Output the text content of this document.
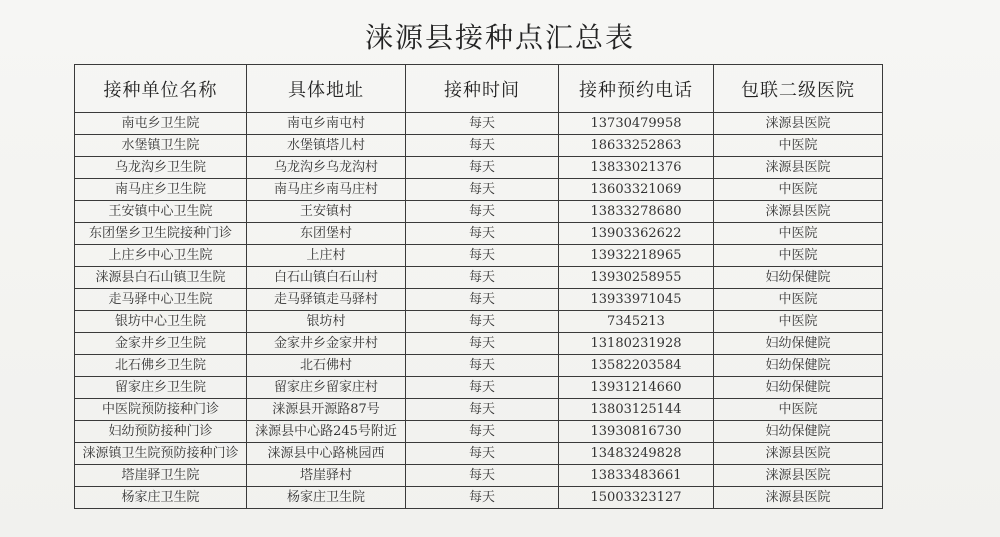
涞源县接种点汇总表
接种单位名称	具体地址	接种时间	接种预约电话	包联二级医院
南屯乡卫生院	南屯乡南屯村	每天	13730479958	涞源县医院
水堡镇卫生院	水堡镇塔儿村	每天	18633252863	中医院
乌龙沟乡卫生院	乌龙沟乡乌龙沟村	每天	13833021376	涞源县医院
南马庄乡卫生院	南马庄乡南马庄村	每天	13603321069	中医院
王安镇中心卫生院	王安镇村	每天	13833278680	涞源县医院
东团堡乡卫生院接种门诊	东团堡村	每天	13903362622	中医院
上庄乡中心卫生院	上庄村	每天	13932218965	中医院
涞源县白石山镇卫生院	白石山镇白石山村	每天	13930258955	妇幼保健院
走马驿中心卫生院	走马驿镇走马驿村	每天	13933971045	中医院
银坊中心卫生院	银坊村	每天	7345213	中医院
金家井乡卫生院	金家井乡金家井村	每天	13180231928	妇幼保健院
北石佛乡卫生院	北石佛村	每天	13582203584	妇幼保健院
留家庄乡卫生院	留家庄乡留家庄村	每天	13931214660	妇幼保健院
中医院预防接种门诊	涞源县开源路87号	每天	13803125144	中医院
妇幼预防接种门诊	涞源县中心路245号附近	每天	13930816730	妇幼保健院
涞源镇卫生院预防接种门诊	涞源县中心路桃园西	每天	13483249828	涞源县医院
塔崖驿卫生院	塔崖驿村	每天	13833483661	涞源县医院
杨家庄卫生院	杨家庄卫生院	每天	15003323127	涞源县医院
